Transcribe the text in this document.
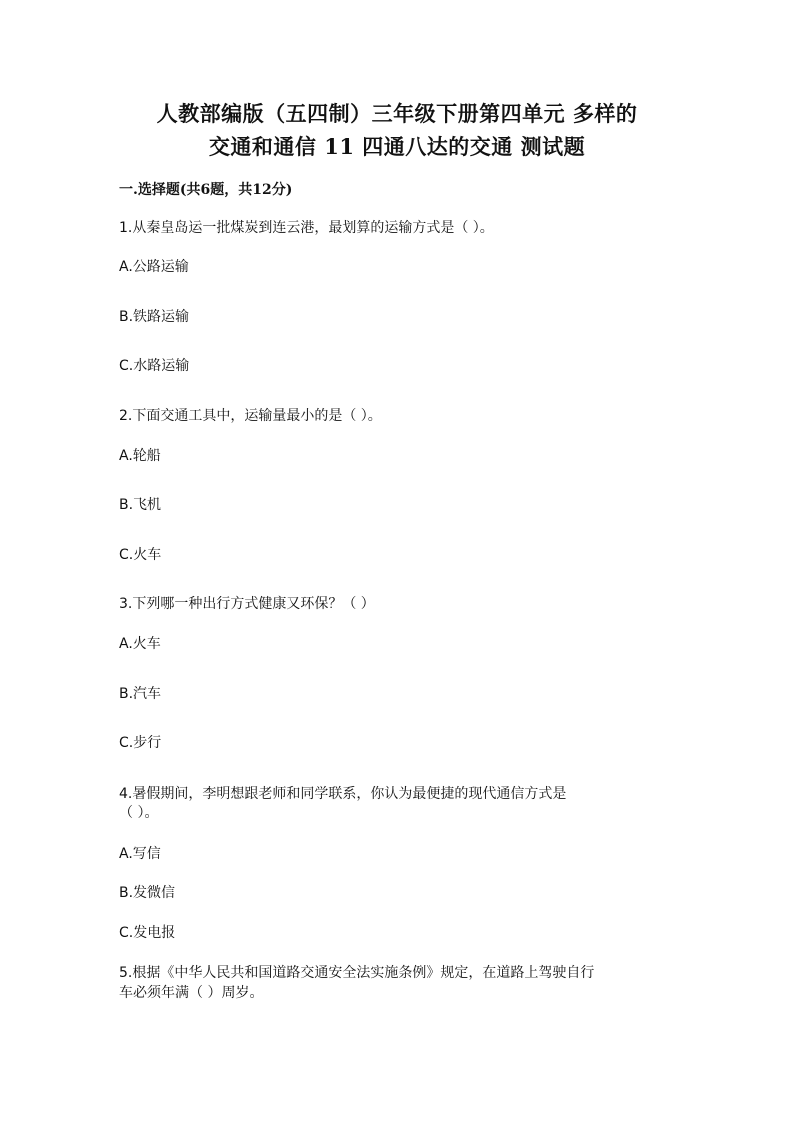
人教部编版（五四制）三年级下册第四单元 多样的
交通和通信 11 四通八达的交通 测试题
一.选择题(共6题，共12分)
1.从秦皇岛运一批煤炭到连云港，最划算的运输方式是（ ）。
A.公路运输
B.铁路运输
C.水路运输
2.下面交通工具中，运输量最小的是（ ）。
A.轮船
B.飞机
C.火车
3.下列哪一种出行方式健康又环保？（ ）
A.火车
B.汽车
C.步行
4.暑假期间，李明想跟老师和同学联系，你认为最便捷的现代通信方式是
（ ）。
A.写信
B.发微信
C.发电报
5.根据《中华人民共和国道路交通安全法实施条例》规定，在道路上驾驶自行
车必须年满（ ）周岁。
